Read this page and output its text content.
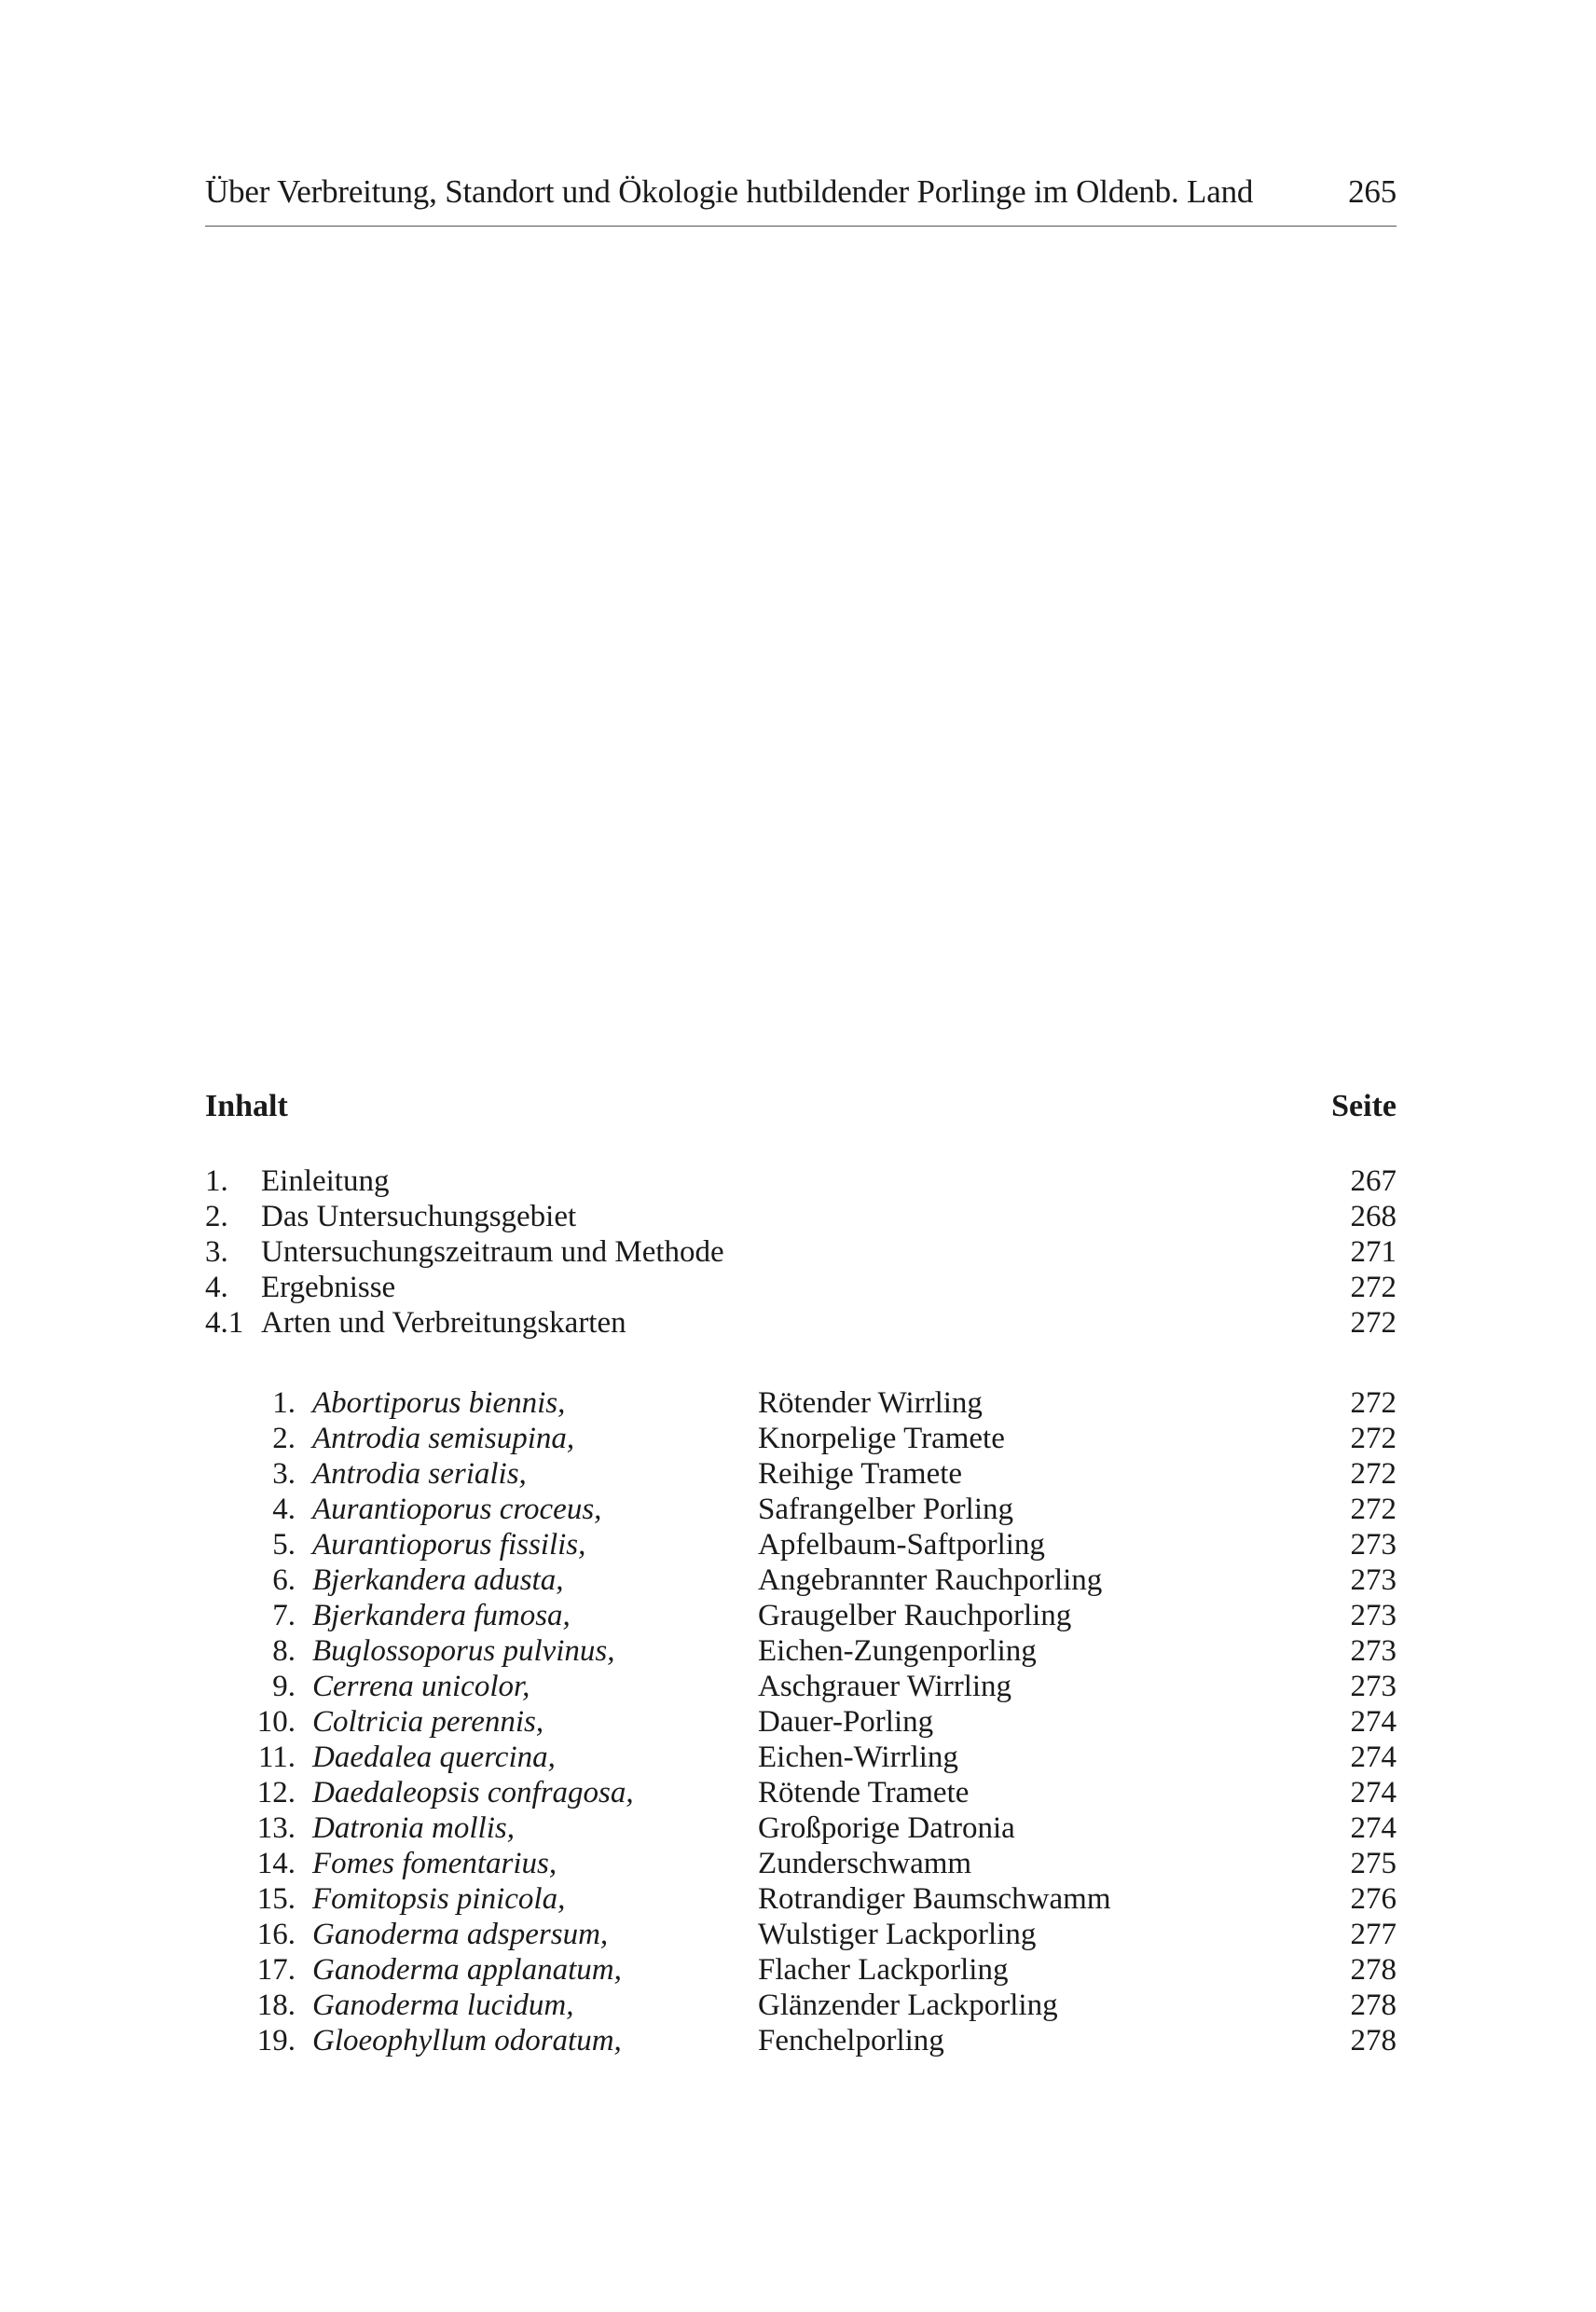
Über Verbreitung, Standort und Ökologie hutbildender Porlinge im Oldenb. Land	265
Inhalt	Seite
1.	Einleitung	267
2.	Das Untersuchungsgebiet	268
3.	Untersuchungszeitraum und Methode	271
4.	Ergebnisse	272
4.1 Arten und Verbreitungskarten	272
1. Abortiporus biennis,	Rötender Wirrling	272
2. Antrodia semisupina,	Knorpelige Tramete	272
3. Antrodia serialis,	Reihige Tramete	272
4. Aurantioporus croceus,	Safrangelber Porling	272
5. Aurantioporus fissilis,	Apfelbaum-Saftporling	273
6. Bjerkandera adusta,	Angebrannter Rauchporling	273
7. Bjerkandera fumosa,	Graugelber Rauchporling	273
8. Buglossoporus pulvinus,	Eichen-Zungenporling	273
9. Cerrena unicolor,	Aschgrauer Wirrling	273
10. Coltricia perennis,	Dauer-Porling	274
11. Daedalea quercina,	Eichen-Wirrling	274
12. Daedaleopsis confragosa,	Rötende Tramete	274
13. Datronia mollis,	Großporige Datronia	274
14. Fomes fomentarius,	Zunderschwamm	275
15. Fomitopsis pinicola,	Rotrandiger Baumschwamm	276
16. Ganoderma adspersum,	Wulstiger Lackporling	277
17. Ganoderma applanatum,	Flacher Lackporling	278
18. Ganoderma lucidum,	Glänzender Lackporling	278
19. Gloeophyllum odoratum,	Fenchelporling	278
